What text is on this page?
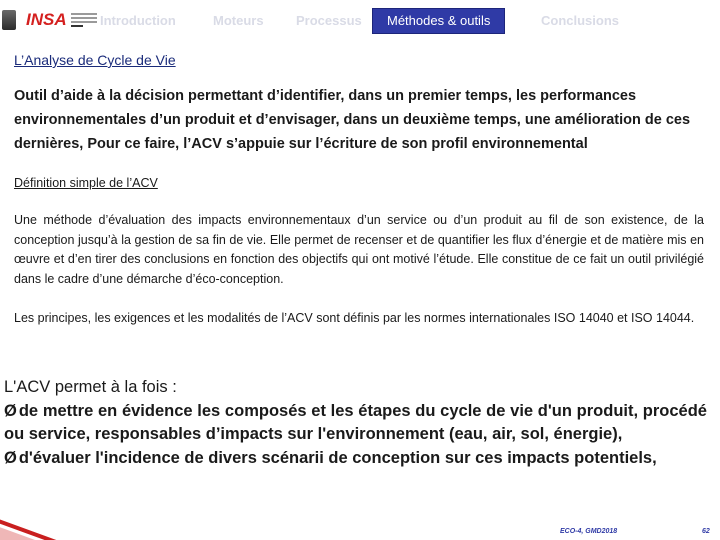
INSA	Introduction	Moteurs Processus	Méthodes & outils	Conclusions
L’Analyse de Cycle de Vie
Outil d’aide à la décision permettant d’identifier, dans un premier temps, les performances environnementales d’un produit et d’envisager, dans un deuxième temps, une amélioration de ces dernières, Pour ce faire, l’ACV s’appuie sur l’écriture de son profil environnemental
Définition simple de l’ACV
Une méthode d’évaluation des impacts environnementaux d’un service ou d’un produit au fil de son existence, de la conception jusqu’à la gestion de sa fin de vie. Elle permet de recenser et de quantifier les flux d’énergie et de matière mis en œuvre et d’en tirer des conclusions en fonction des objectifs qui ont motivé l’étude. Elle constitue de ce fait un outil privilégié dans le cadre d’une démarche d’éco-conception.
Les principes, les exigences et les modalités de l’ACV sont définis par les normes internationales ISO 14040 et ISO 14044.
L'ACV permet à la fois :
Ø de mettre en évidence les composés et les étapes du cycle de vie d'un produit, procédé ou service, responsables d’impacts sur l'environnement (eau, air, sol, énergie),
Ø d'évaluer l'incidence de divers scénarii de conception sur ces impacts potentiels,
ECO-4, GMD2018	62
